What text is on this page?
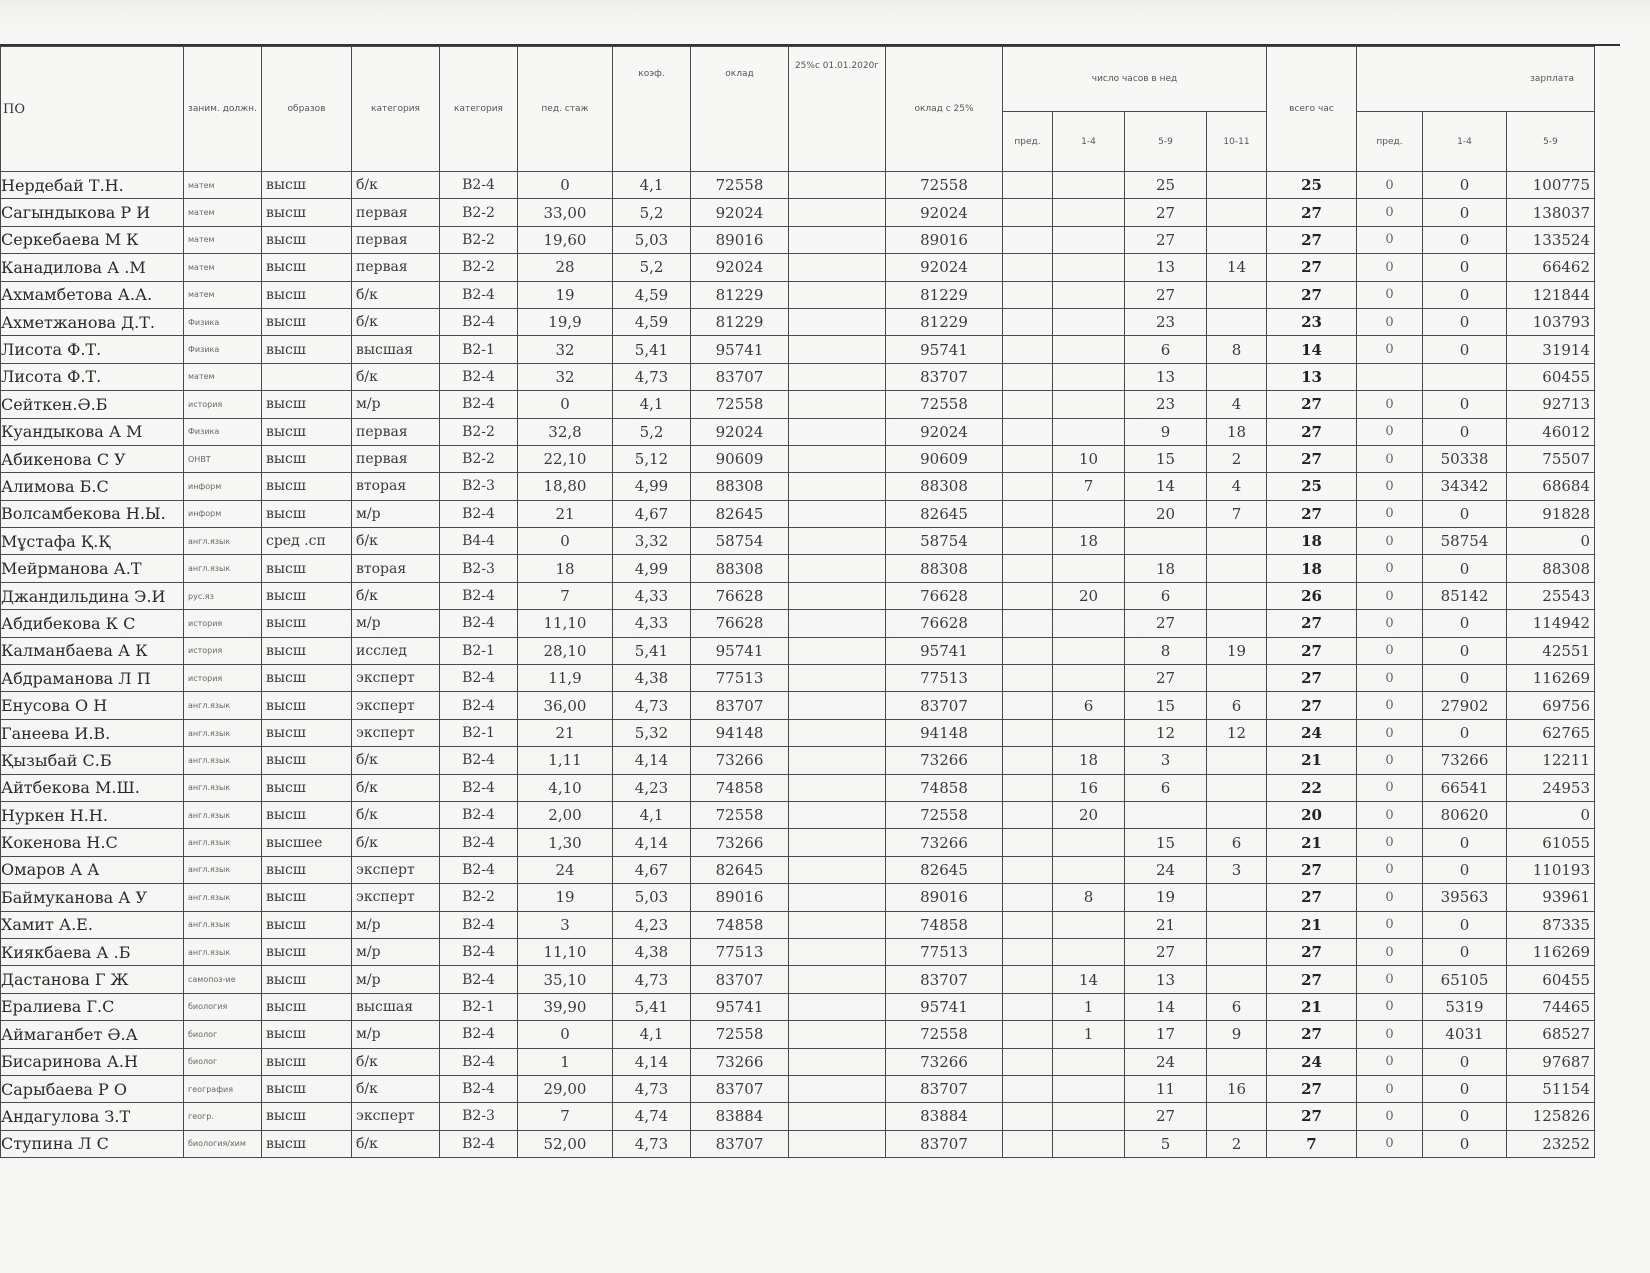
ПО	заним. должн.	образов	категория	категория	пед. стаж	коэф.	оклад	25%с 01.01.2020г	оклад с 25%	число часов в нед				всего час	зарплата		
										пред.	1-4	5-9	10-11		пред.	1-4	5-9
Нердебай Т.Н.	матем	высш	б/к	В2-4	0	4,1	72558		72558			25		25	0	0	100775
Сагындыкова Р И	матем	высш	первая	В2-2	33,00	5,2	92024		92024			27		27	0	0	138037
Серкебаева М К	матем	высш	первая	В2-2	19,60	5,03	89016		89016			27		27	0	0	133524
Канадилова А .М	матем	высш	первая	В2-2	28	5,2	92024		92024			13	14	27	0	0	66462
Ахмамбетова А.А.	матем	высш	б/к	В2-4	19	4,59	81229		81229			27		27	0	0	121844
Ахметжанова Д.Т.	Физика	высш	б/к	В2-4	19,9	4,59	81229		81229			23		23	0	0	103793
Лисота Ф.Т.	Физика	высш	высшая	В2-1	32	5,41	95741		95741			6	8	14	0	0	31914
Лисота Ф.Т.	матем		б/к	В2-4	32	4,73	83707		83707			13		13			60455
Сейткен.Ә.Б	история	высш	м/р	В2-4	0	4,1	72558		72558			23	4	27	0	0	92713
Куандыкова А М	Физика	высш	первая	В2-2	32,8	5,2	92024		92024			9	18	27	0	0	46012
Абикенова С У	ОНВТ	высш	первая	В2-2	22,10	5,12	90609		90609		10	15	2	27	0	50338	75507
Алимова Б.С	информ	высш	вторая	В2-3	18,80	4,99	88308		88308		7	14	4	25	0	34342	68684
Волсамбекова Н.Ы.	информ	высш	м/р	В2-4	21	4,67	82645		82645			20	7	27	0	0	91828
Мұстафа Қ.Қ	англ.язык	сред .сп	б/к	В4-4	0	3,32	58754		58754		18			18	0	58754	0
Мейрманова А.Т	англ.язык	высш	вторая	В2-3	18	4,99	88308		88308			18		18	0	0	88308
Джандильдина Э.И	рус.яз	высш	б/к	В2-4	7	4,33	76628		76628		20	6		26	0	85142	25543
Абдибекова К С	история	высш	м/р	В2-4	11,10	4,33	76628		76628			27		27	0	0	114942
Калманбаева А К	история	высш	исслед	В2-1	28,10	5,41	95741		95741			8	19	27	0	0	42551
Абдраманова Л П	история	высш	эксперт	В2-4	11,9	4,38	77513		77513			27		27	0	0	116269
Енусова О Н	англ.язык	высш	эксперт	В2-4	36,00	4,73	83707		83707		6	15	6	27	0	27902	69756
Ганеева И.В.	англ.язык	высш	эксперт	В2-1	21	5,32	94148		94148			12	12	24	0	0	62765
Қызыбай С.Б	англ.язык	высш	б/к	В2-4	1,11	4,14	73266		73266		18	3		21	0	73266	12211
Айтбекова М.Ш.	англ.язык	высш	б/к	В2-4	4,10	4,23	74858		74858		16	6		22	0	66541	24953
Нуркен Н.Н.	англ.язык	высш	б/к	В2-4	2,00	4,1	72558		72558		20			20	0	80620	0
Кокенова Н.С	англ.язык	высшее	б/к	В2-4	1,30	4,14	73266		73266			15	6	21	0	0	61055
Омаров А А	англ.язык	высш	эксперт	В2-4	24	4,67	82645		82645			24	3	27	0	0	110193
Баймуканова А У	англ.язык	высш	эксперт	В2-2	19	5,03	89016		89016		8	19		27	0	39563	93961
Хамит А.Е.	англ.язык	высш	м/р	В2-4	3	4,23	74858		74858			21		21	0	0	87335
Киякбаева А .Б	англ.язык	высш	м/р	В2-4	11,10	4,38	77513		77513			27		27	0	0	116269
Дастанова Г Ж	самопоз-ие	высш	м/р	В2-4	35,10	4,73	83707		83707		14	13		27	0	65105	60455
Ералиева Г.С	биология	высш	высшая	В2-1	39,90	5,41	95741		95741		1	14	6	21	0	5319	74465
Аймаганбет Ә.А	биолог	высш	м/р	В2-4	0	4,1	72558		72558		1	17	9	27	0	4031	68527
Бисаринова А.Н	биолог	высш	б/к	В2-4	1	4,14	73266		73266			24		24	0	0	97687
Сарыбаева Р О	география	высш	б/к	В2-4	29,00	4,73	83707		83707			11	16	27	0	0	51154
Андагулова З.Т	геогр.	высш	эксперт	В2-3	7	4,74	83884		83884			27		27	0	0	125826
Ступина Л С	биология/хим	высш	б/к	В2-4	52,00	4,73	83707		83707			5	2	7	0	0	23252
